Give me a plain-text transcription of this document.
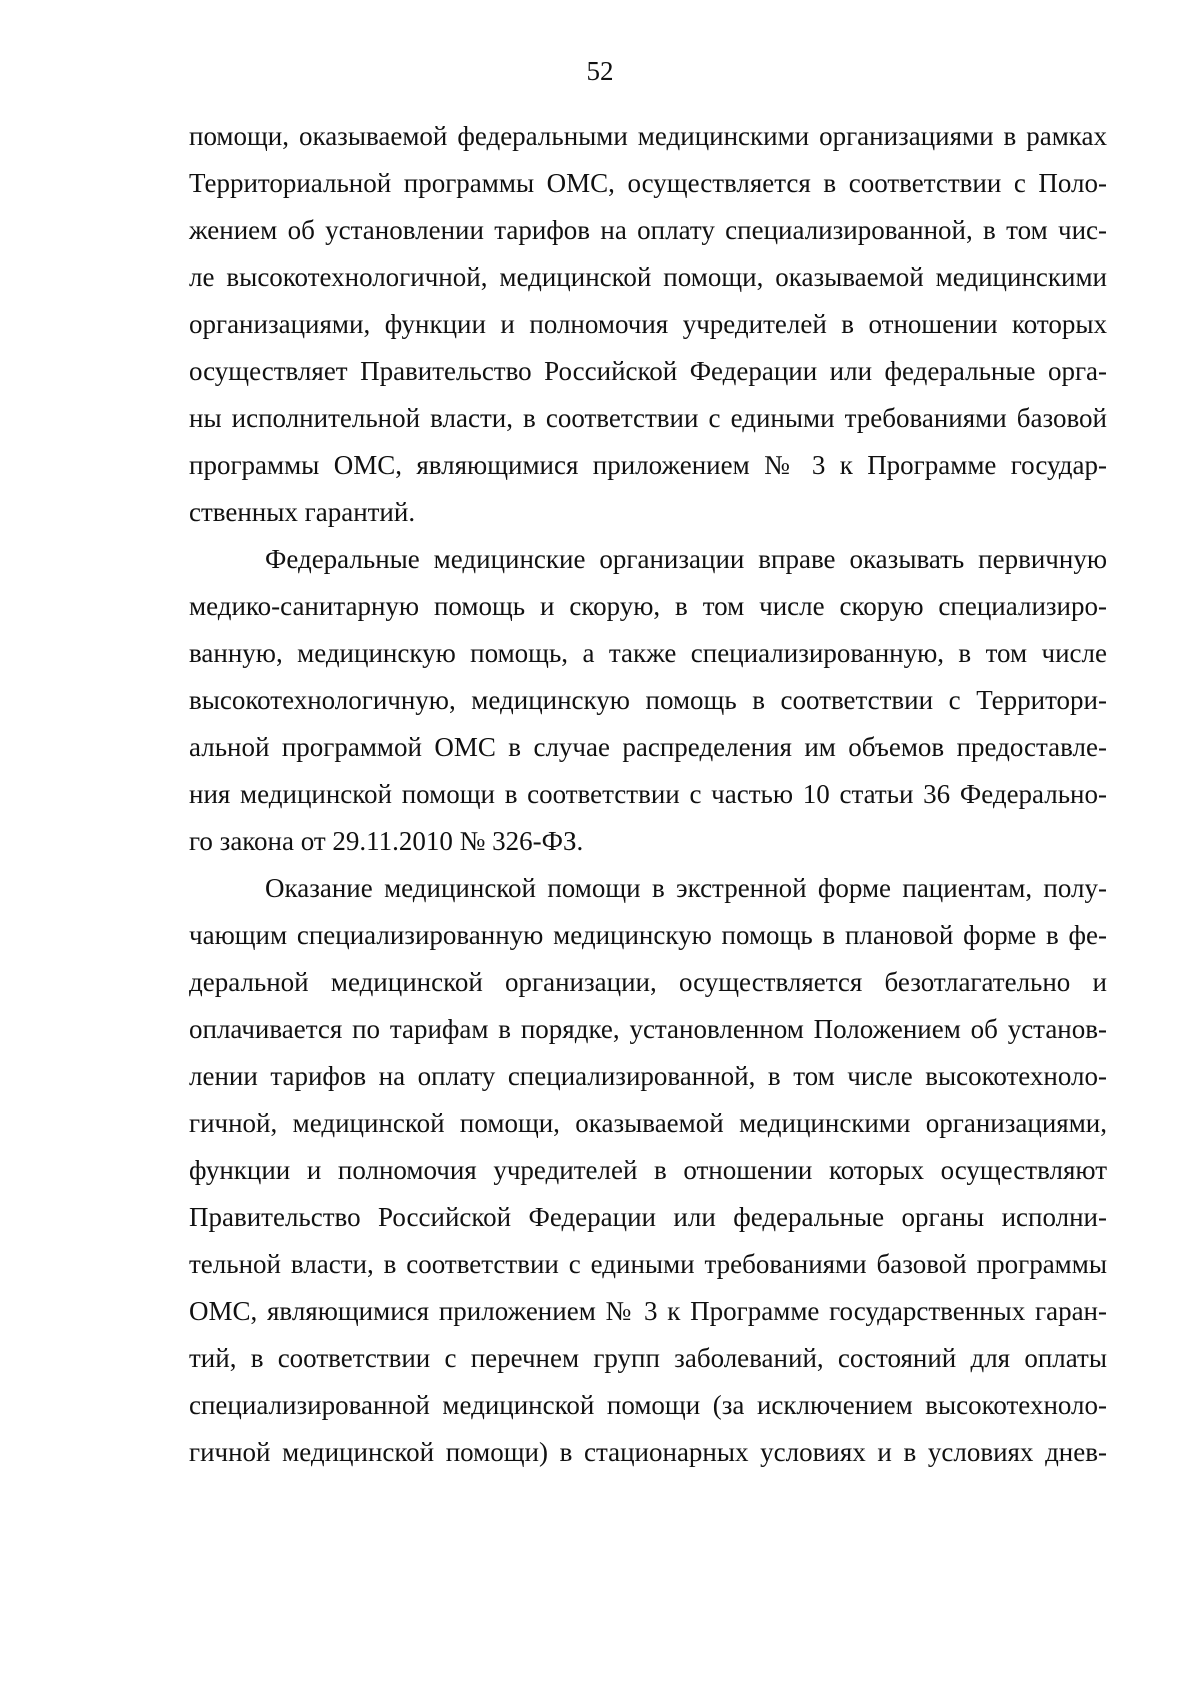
52

помощи, оказываемой федеральными медицинскими организациями в рамках
Территориальной программы ОМС, осуществляется в соответствии с Поло-
жением об установлении тарифов на оплату специализированной, в том чис-
ле высокотехнологичной, медицинской помощи, оказываемой медицинскими
организациями, функции и полномочия учредителей в отношении которых
осуществляет Правительство Российской Федерации или федеральные орга-
ны исполнительной власти, в соответствии с едиными требованиями базовой
программы ОМС, являющимися приложением № 3 к Программе государ-
ственных гарантий.

Федеральные медицинские организации вправе оказывать первичную
медико-санитарную помощь и скорую, в том числе скорую специализиро-
ванную, медицинскую помощь, а также специализированную, в том числе
высокотехнологичную, медицинскую помощь в соответствии с Территори-
альной программой ОМС в случае распределения им объемов предоставле-
ния медицинской помощи в соответствии с частью 10 статьи 36 Федерально-
го закона от 29.11.2010 № 326-ФЗ.

Оказание медицинской помощи в экстренной форме пациентам, полу-
чающим специализированную медицинскую помощь в плановой форме в фе-
деральной медицинской организации, осуществляется безотлагательно и
оплачивается по тарифам в порядке, установленном Положением об установ-
лении тарифов на оплату специализированной, в том числе высокотехноло-
гичной, медицинской помощи, оказываемой медицинскими организациями,
функции и полномочия учредителей в отношении которых осуществляют
Правительство Российской Федерации или федеральные органы исполни-
тельной власти, в соответствии с едиными требованиями базовой программы
ОМС, являющимися приложением № 3 к Программе государственных гаран-
тий, в соответствии с перечнем групп заболеваний, состояний для оплаты
специализированной медицинской помощи (за исключением высокотехноло-
гичной медицинской помощи) в стационарных условиях и в условиях днев-
